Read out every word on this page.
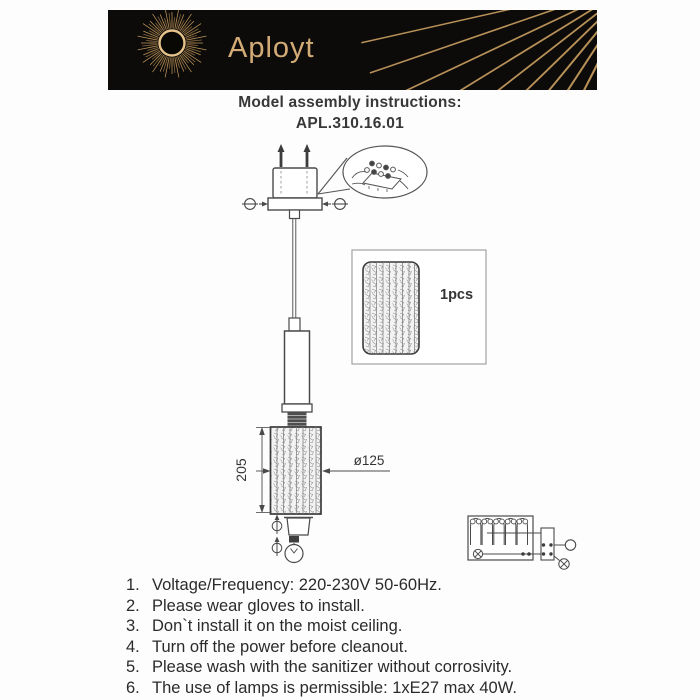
Aployt
Model assembly instructions:
APL.310.16.01
205	ø125
1pcs
1. Voltage/Frequency: 220-230V 50-60Hz.
2. Please wear gloves to install.
3. Don`t install it on the moist ceiling.
4. Turn off the power before cleanout.
5. Please wash with the sanitizer without corrosivity.
6. The use of lamps is permissible: 1xE27 max 40W.
